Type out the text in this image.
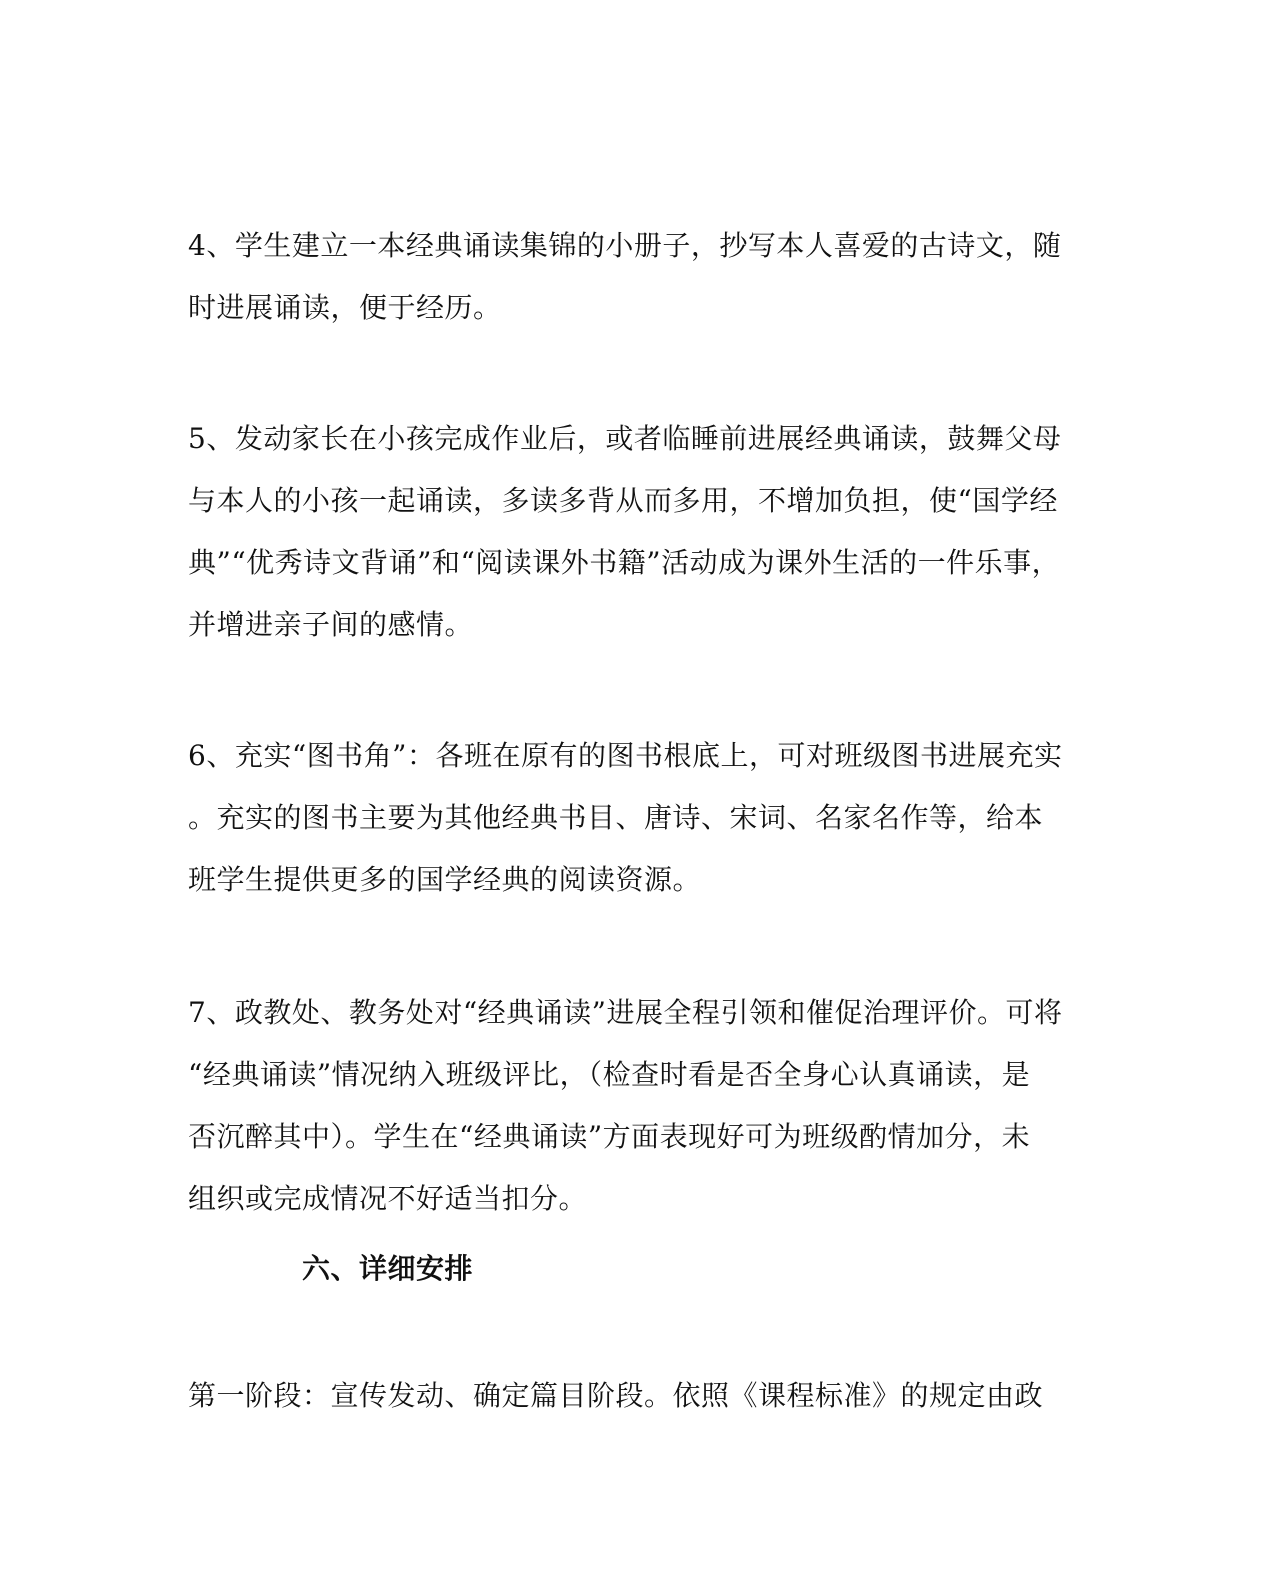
4、学生建立一本经典诵读集锦的小册子，抄写本人喜爱的古诗文，随
时进展诵读，便于经历。

5、发动家长在小孩完成作业后，或者临睡前进展经典诵读，鼓舞父母
与本人的小孩一起诵读，多读多背从而多用，不增加负担，使“国学经
典”“优秀诗文背诵”和“阅读课外书籍”活动成为课外生活的一件乐事，
并增进亲子间的感情。

6、充实“图书角”：各班在原有的图书根底上，可对班级图书进展充实
。充实的图书主要为其他经典书目、唐诗、宋词、名家名作等，给本
班学生提供更多的国学经典的阅读资源。

7、政教处、教务处对“经典诵读”进展全程引领和催促治理评价。可将
“经典诵读”情况纳入班级评比，（检查时看是否全身心认真诵读，是
否沉醉其中）。学生在“经典诵读”方面表现好可为班级酌情加分，未
组织或完成情况不好适当扣分。

六、详细安排

第一阶段：宣传发动、确定篇目阶段。依照《课程标准》的规定由政
